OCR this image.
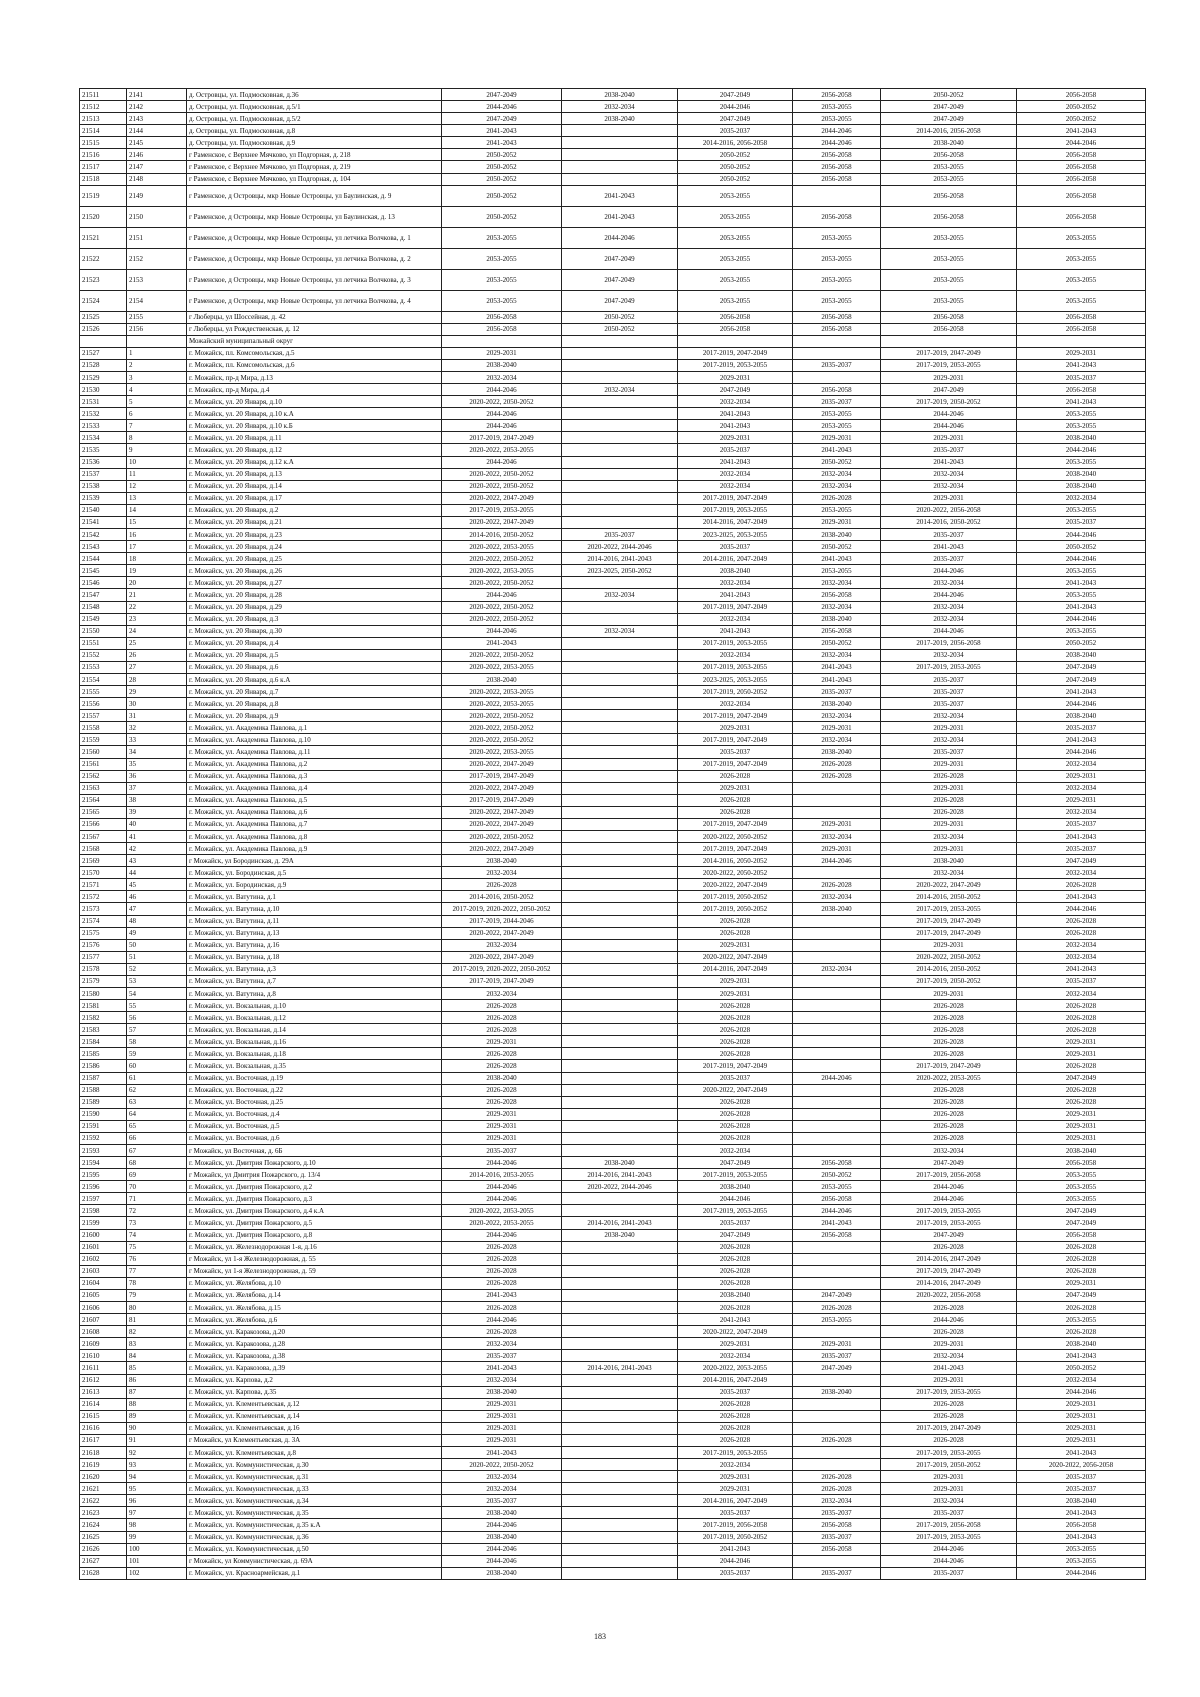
21511	2141	д. Островцы, ул. Подмосковная, д.36	2047-2049	2038-2040	2047-2049	2056-2058	2050-2052	2056-2058
21512	2142	д. Островцы, ул. Подмосковная, д.5/1	2044-2046	2032-2034	2044-2046	2053-2055	2047-2049	2050-2052
21513	2143	д. Островцы, ул. Подмосковная, д.5/2	2047-2049	2038-2040	2047-2049	2053-2055	2047-2049	2050-2052
21514	2144	д. Островцы, ул. Подмосковная, д.8	2041-2043		2035-2037	2044-2046	2014-2016, 2056-2058	2041-2043
21515	2145	д. Островцы, ул. Подмосковная, д.9	2041-2043		2014-2016, 2056-2058	2044-2046	2038-2040	2044-2046
21516	2146	г Раменское, с Верхнее Мячково, ул Подгорная, д. 218	2050-2052		2050-2052	2056-2058	2056-2058	2056-2058
21517	2147	г Раменское, с Верхнее Мячково, ул Подгорная, д. 219	2050-2052		2050-2052	2056-2058	2053-2055	2056-2058
21518	2148	г Раменское, с Верхнее Мячково, ул Подгорная, д. 104	2050-2052		2050-2052	2056-2058	2053-2055	2056-2058
21519	2149	г Раменское, д Островцы, мкр Новые Островцы, ул Баулинская, д. 9	2050-2052	2041-2043	2053-2055		2056-2058	2056-2058
21520	2150	г Раменское, д Островцы, мкр Новые Островцы, ул Баулинская, д. 13	2050-2052	2041-2043	2053-2055	2056-2058	2056-2058	2056-2058
21521	2151	г Раменское, д Островцы, мкр Новые Островцы, ул летчика Волчкова, д. 1	2053-2055	2044-2046	2053-2055	2053-2055	2053-2055	2053-2055
21522	2152	г Раменское, д Островцы, мкр Новые Островцы, ул летчика Волчкова, д. 2	2053-2055	2047-2049	2053-2055	2053-2055	2053-2055	2053-2055
21523	2153	г Раменское, д Островцы, мкр Новые Островцы, ул летчика Волчкова, д. 3	2053-2055	2047-2049	2053-2055	2053-2055	2053-2055	2053-2055
21524	2154	г Раменское, д Островцы, мкр Новые Островцы, ул летчика Волчкова, д. 4	2053-2055	2047-2049	2053-2055	2053-2055	2053-2055	2053-2055
21525	2155	г Люберцы, ул Шоссейная, д. 42	2056-2058	2050-2052	2056-2058	2056-2058	2056-2058	2056-2058
21526	2156	г Люберцы, ул Рождественская, д. 12	2056-2058	2050-2052	2056-2058	2056-2058	2056-2058	2056-2058
		Можайский муниципальный округ						
21527	1	г. Можайск, пл. Комсомольская, д.5	2029-2031		2017-2019, 2047-2049		2017-2019, 2047-2049	2029-2031
21528	2	г. Можайск, пл. Комсомольская, д.6	2038-2040		2017-2019, 2053-2055	2035-2037	2017-2019, 2053-2055	2041-2043
21529	3	г. Можайск, пр-д Мира, д.13	2032-2034		2029-2031		2029-2031	2035-2037
21530	4	г. Можайск, пр-д Мира, д.4	2044-2046	2032-2034	2047-2049	2056-2058	2047-2049	2056-2058
21531	5	г. Можайск, ул. 20 Января, д.10	2020-2022, 2050-2052		2032-2034	2035-2037	2017-2019, 2050-2052	2041-2043
21532	6	г. Можайск, ул. 20 Января, д.10 к.А	2044-2046		2041-2043	2053-2055	2044-2046	2053-2055
21533	7	г. Можайск, ул. 20 Января, д.10 к.Б	2044-2046		2041-2043	2053-2055	2044-2046	2053-2055
21534	8	г. Можайск, ул. 20 Января, д.11	2017-2019, 2047-2049		2029-2031	2029-2031	2029-2031	2038-2040
21535	9	г. Можайск, ул. 20 Января, д.12	2020-2022, 2053-2055		2035-2037	2041-2043	2035-2037	2044-2046
21536	10	г. Можайск, ул. 20 Января, д.12 к.А	2044-2046		2041-2043	2050-2052	2041-2043	2053-2055
21537	11	г. Можайск, ул. 20 Января, д.13	2020-2022, 2050-2052		2032-2034	2032-2034	2032-2034	2038-2040
21538	12	г. Можайск, ул. 20 Января, д.14	2020-2022, 2050-2052		2032-2034	2032-2034	2032-2034	2038-2040
21539	13	г. Можайск, ул. 20 Января, д.17	2020-2022, 2047-2049		2017-2019, 2047-2049	2026-2028	2029-2031	2032-2034
21540	14	г. Можайск, ул. 20 Января, д.2	2017-2019, 2053-2055		2017-2019, 2053-2055	2053-2055	2020-2022, 2056-2058	2053-2055
21541	15	г. Можайск, ул. 20 Января, д.21	2020-2022, 2047-2049		2014-2016, 2047-2049	2029-2031	2014-2016, 2050-2052	2035-2037
21542	16	г. Можайск, ул. 20 Января, д.23	2014-2016, 2050-2052	2035-2037	2023-2025, 2053-2055	2038-2040	2035-2037	2044-2046
21543	17	г. Можайск, ул. 20 Января, д.24	2020-2022, 2053-2055	2020-2022, 2044-2046	2035-2037	2050-2052	2041-2043	2050-2052
21544	18	г. Можайск, ул. 20 Января, д.25	2020-2022, 2050-2052	2014-2016, 2041-2043	2014-2016, 2047-2049	2041-2043	2035-2037	2044-2046
21545	19	г. Можайск, ул. 20 Января, д.26	2020-2022, 2053-2055	2023-2025, 2050-2052	2038-2040	2053-2055	2044-2046	2053-2055
21546	20	г. Можайск, ул. 20 Января, д.27	2020-2022, 2050-2052		2032-2034	2032-2034	2032-2034	2041-2043
21547	21	г. Можайск, ул. 20 Января, д.28	2044-2046	2032-2034	2041-2043	2056-2058	2044-2046	2053-2055
21548	22	г. Можайск, ул. 20 Января, д.29	2020-2022, 2050-2052		2017-2019, 2047-2049	2032-2034	2032-2034	2041-2043
21549	23	г. Можайск, ул. 20 Января, д.3	2020-2022, 2050-2052		2032-2034	2038-2040	2032-2034	2044-2046
21550	24	г. Можайск, ул. 20 Января, д.30	2044-2046	2032-2034	2041-2043	2056-2058	2044-2046	2053-2055
21551	25	г. Можайск, ул. 20 Января, д.4	2041-2043		2017-2019, 2053-2055	2050-2052	2017-2019, 2056-2058	2050-2052
21552	26	г. Можайск, ул. 20 Января, д.5	2020-2022, 2050-2052		2032-2034	2032-2034	2032-2034	2038-2040
21553	27	г. Можайск, ул. 20 Января, д.6	2020-2022, 2053-2055		2017-2019, 2053-2055	2041-2043	2017-2019, 2053-2055	2047-2049
21554	28	г. Можайск, ул. 20 Января, д.6 к.А	2038-2040		2023-2025, 2053-2055	2041-2043	2035-2037	2047-2049
21555	29	г. Можайск, ул. 20 Января, д.7	2020-2022, 2053-2055		2017-2019, 2050-2052	2035-2037	2035-2037	2041-2043
21556	30	г. Можайск, ул. 20 Января, д.8	2020-2022, 2053-2055		2032-2034	2038-2040	2035-2037	2044-2046
21557	31	г. Можайск, ул. 20 Января, д.9	2020-2022, 2050-2052		2017-2019, 2047-2049	2032-2034	2032-2034	2038-2040
21558	32	г. Можайск, ул. Академика Павлова, д.1	2020-2022, 2050-2052		2029-2031	2029-2031	2029-2031	2035-2037
21559	33	г. Можайск, ул. Академика Павлова, д.10	2020-2022, 2050-2052		2017-2019, 2047-2049	2032-2034	2032-2034	2041-2043
21560	34	г. Можайск, ул. Академика Павлова, д.11	2020-2022, 2053-2055		2035-2037	2038-2040	2035-2037	2044-2046
21561	35	г. Можайск, ул. Академика Павлова, д.2	2020-2022, 2047-2049		2017-2019, 2047-2049	2026-2028	2029-2031	2032-2034
21562	36	г. Можайск, ул. Академика Павлова, д.3	2017-2019, 2047-2049		2026-2028	2026-2028	2026-2028	2029-2031
21563	37	г. Можайск, ул. Академика Павлова, д.4	2020-2022, 2047-2049		2029-2031		2029-2031	2032-2034
21564	38	г. Можайск, ул. Академика Павлова, д.5	2017-2019, 2047-2049		2026-2028		2026-2028	2029-2031
21565	39	г. Можайск, ул. Академика Павлова, д.6	2020-2022, 2047-2049		2026-2028		2026-2028	2032-2034
21566	40	г. Можайск, ул. Академика Павлова, д.7	2020-2022, 2047-2049		2017-2019, 2047-2049	2029-2031	2029-2031	2035-2037
21567	41	г. Можайск, ул. Академика Павлова, д.8	2020-2022, 2050-2052		2020-2022, 2050-2052	2032-2034	2032-2034	2041-2043
21568	42	г. Можайск, ул. Академика Павлова, д.9	2020-2022, 2047-2049		2017-2019, 2047-2049	2029-2031	2029-2031	2035-2037
21569	43	г Можайск, ул Бородинская, д. 29А	2038-2040		2014-2016, 2050-2052	2044-2046	2038-2040	2047-2049
21570	44	г. Можайск, ул. Бородинская, д.5	2032-2034		2020-2022, 2050-2052		2032-2034	2032-2034
21571	45	г. Можайск, ул. Бородинская, д.9	2026-2028		2020-2022, 2047-2049	2026-2028	2020-2022, 2047-2049	2026-2028
21572	46	г. Можайск, ул. Ватутина, д.1	2014-2016, 2050-2052		2017-2019, 2050-2052	2032-2034	2014-2016, 2050-2052	2041-2043
21573	47	г. Можайск, ул. Ватутина, д.10	2017-2019, 2020-2022, 2050-2052		2017-2019, 2050-2052	2038-2040	2017-2019, 2053-2055	2044-2046
21574	48	г. Можайск, ул. Ватутина, д.11	2017-2019, 2044-2046		2026-2028		2017-2019, 2047-2049	2026-2028
21575	49	г. Можайск, ул. Ватутина, д.13	2020-2022, 2047-2049		2026-2028		2017-2019, 2047-2049	2026-2028
21576	50	г. Можайск, ул. Ватутина, д.16	2032-2034		2029-2031		2029-2031	2032-2034
21577	51	г. Можайск, ул. Ватутина, д.18	2020-2022, 2047-2049		2020-2022, 2047-2049		2020-2022, 2050-2052	2032-2034
21578	52	г. Можайск, ул. Ватутина, д.3	2017-2019, 2020-2022, 2050-2052		2014-2016, 2047-2049	2032-2034	2014-2016, 2050-2052	2041-2043
21579	53	г. Можайск, ул. Ватутина, д.7	2017-2019, 2047-2049		2029-2031		2017-2019, 2050-2052	2035-2037
21580	54	г. Можайск, ул. Ватутина, д.8	2032-2034		2029-2031		2029-2031	2032-2034
21581	55	г. Можайск, ул. Вокзальная, д.10	2026-2028		2026-2028		2026-2028	2026-2028
21582	56	г. Можайск, ул. Вокзальная, д.12	2026-2028		2026-2028		2026-2028	2026-2028
21583	57	г. Можайск, ул. Вокзальная, д.14	2026-2028		2026-2028		2026-2028	2026-2028
21584	58	г. Можайск, ул. Вокзальная, д.16	2029-2031		2026-2028		2026-2028	2029-2031
21585	59	г. Можайск, ул. Вокзальная, д.18	2026-2028		2026-2028		2026-2028	2029-2031
21586	60	г. Можайск, ул. Вокзальная, д.35	2026-2028		2017-2019, 2047-2049		2017-2019, 2047-2049	2026-2028
21587	61	г. Можайск, ул. Восточная, д.19	2038-2040		2035-2037	2044-2046	2020-2022, 2053-2055	2047-2049
21588	62	г. Можайск, ул. Восточная, д.22	2026-2028		2020-2022, 2047-2049		2026-2028	2026-2028
21589	63	г. Можайск, ул. Восточная, д.25	2026-2028		2026-2028		2026-2028	2026-2028
21590	64	г. Можайск, ул. Восточная, д.4	2029-2031		2026-2028		2026-2028	2029-2031
21591	65	г. Можайск, ул. Восточная, д.5	2029-2031		2026-2028		2026-2028	2029-2031
21592	66	г. Можайск, ул. Восточная, д.6	2029-2031		2026-2028		2026-2028	2029-2031
21593	67	г Можайск, ул Восточная, д. 6Б	2035-2037		2032-2034		2032-2034	2038-2040
21594	68	г. Можайск, ул. Дмитрия Пожарского, д.10	2044-2046	2038-2040	2047-2049	2056-2058	2047-2049	2056-2058
21595	69	г Можайск, ул Дмитрия Пожарского, д. 13/4	2014-2016, 2053-2055	2014-2016, 2041-2043	2017-2019, 2053-2055	2050-2052	2017-2019, 2056-2058	2053-2055
21596	70	г. Можайск, ул. Дмитрия Пожарского, д.2	2044-2046	2020-2022, 2044-2046	2038-2040	2053-2055	2044-2046	2053-2055
21597	71	г. Можайск, ул. Дмитрия Пожарского, д.3	2044-2046		2044-2046	2056-2058	2044-2046	2053-2055
21598	72	г. Можайск, ул. Дмитрия Пожарского, д.4 к.А	2020-2022, 2053-2055		2017-2019, 2053-2055	2044-2046	2017-2019, 2053-2055	2047-2049
21599	73	г. Можайск, ул. Дмитрия Пожарского, д.5	2020-2022, 2053-2055	2014-2016, 2041-2043	2035-2037	2041-2043	2017-2019, 2053-2055	2047-2049
21600	74	г. Можайск, ул. Дмитрия Пожарского, д.8	2044-2046	2038-2040	2047-2049	2056-2058	2047-2049	2056-2058
21601	75	г. Можайск, ул. Железнодорожная 1-я, д.16	2026-2028		2026-2028		2026-2028	2026-2028
21602	76	г Можайск, ул 1-я Железнодорожная, д. 55	2026-2028		2026-2028		2014-2016, 2047-2049	2026-2028
21603	77	г Можайск, ул 1-я Железнодорожная, д. 59	2026-2028		2026-2028		2017-2019, 2047-2049	2026-2028
21604	78	г. Можайск, ул. Желябова, д.10	2026-2028		2026-2028		2014-2016, 2047-2049	2029-2031
21605	79	г. Можайск, ул. Желябова, д.14	2041-2043		2038-2040	2047-2049	2020-2022, 2056-2058	2047-2049
21606	80	г. Можайск, ул. Желябова, д.15	2026-2028		2026-2028	2026-2028	2026-2028	2026-2028
21607	81	г. Можайск, ул. Желябова, д.6	2044-2046		2041-2043	2053-2055	2044-2046	2053-2055
21608	82	г. Можайск, ул. Каракозова, д.20	2026-2028		2020-2022, 2047-2049		2026-2028	2026-2028
21609	83	г. Можайск, ул. Каракозова, д.28	2032-2034		2029-2031	2029-2031	2029-2031	2038-2040
21610	84	г. Можайск, ул. Каракозова, д.38	2035-2037		2032-2034	2035-2037	2032-2034	2041-2043
21611	85	г. Можайск, ул. Каракозова, д.39	2041-2043	2014-2016, 2041-2043	2020-2022, 2053-2055	2047-2049	2041-2043	2050-2052
21612	86	г. Можайск, ул. Карпова, д.2	2032-2034		2014-2016, 2047-2049		2029-2031	2032-2034
21613	87	г. Можайск, ул. Карпова, д.35	2038-2040		2035-2037	2038-2040	2017-2019, 2053-2055	2044-2046
21614	88	г. Можайск, ул. Клементьевская, д.12	2029-2031		2026-2028		2026-2028	2029-2031
21615	89	г. Можайск, ул. Клементьевская, д.14	2029-2031		2026-2028		2026-2028	2029-2031
21616	90	г. Можайск, ул. Клементьевская, д.16	2029-2031		2026-2028		2017-2019, 2047-2049	2029-2031
21617	91	г Можайск, ул Клементьевская, д. 3А	2029-2031		2026-2028	2026-2028	2026-2028	2029-2031
21618	92	г. Можайск, ул. Клементьевская, д.8	2041-2043		2017-2019, 2053-2055		2017-2019, 2053-2055	2041-2043
21619	93	г. Можайск, ул. Коммунистическая, д.30	2020-2022, 2050-2052		2032-2034		2017-2019, 2050-2052	2020-2022, 2056-2058
21620	94	г. Можайск, ул. Коммунистическая, д.31	2032-2034		2029-2031	2026-2028	2029-2031	2035-2037
21621	95	г. Можайск, ул. Коммунистическая, д.33	2032-2034		2029-2031	2026-2028	2029-2031	2035-2037
21622	96	г. Можайск, ул. Коммунистическая, д.34	2035-2037		2014-2016, 2047-2049	2032-2034	2032-2034	2038-2040
21623	97	г. Можайск, ул. Коммунистическая, д.35	2038-2040		2035-2037	2035-2037	2035-2037	2041-2043
21624	98	г. Можайск, ул. Коммунистическая, д.35 к.А	2044-2046		2017-2019, 2056-2058	2056-2058	2017-2019, 2056-2058	2056-2058
21625	99	г. Можайск, ул. Коммунистическая, д.36	2038-2040		2017-2019, 2050-2052	2035-2037	2017-2019, 2053-2055	2041-2043
21626	100	г. Можайск, ул. Коммунистическая, д.50	2044-2046		2041-2043	2056-2058	2044-2046	2053-2055
21627	101	г Можайск, ул Коммунистическая, д. 69А	2044-2046		2044-2046		2044-2046	2053-2055
21628	102	г. Можайск, ул. Красноармейская, д.1	2038-2040		2035-2037	2035-2037	2035-2037	2044-2046
183
